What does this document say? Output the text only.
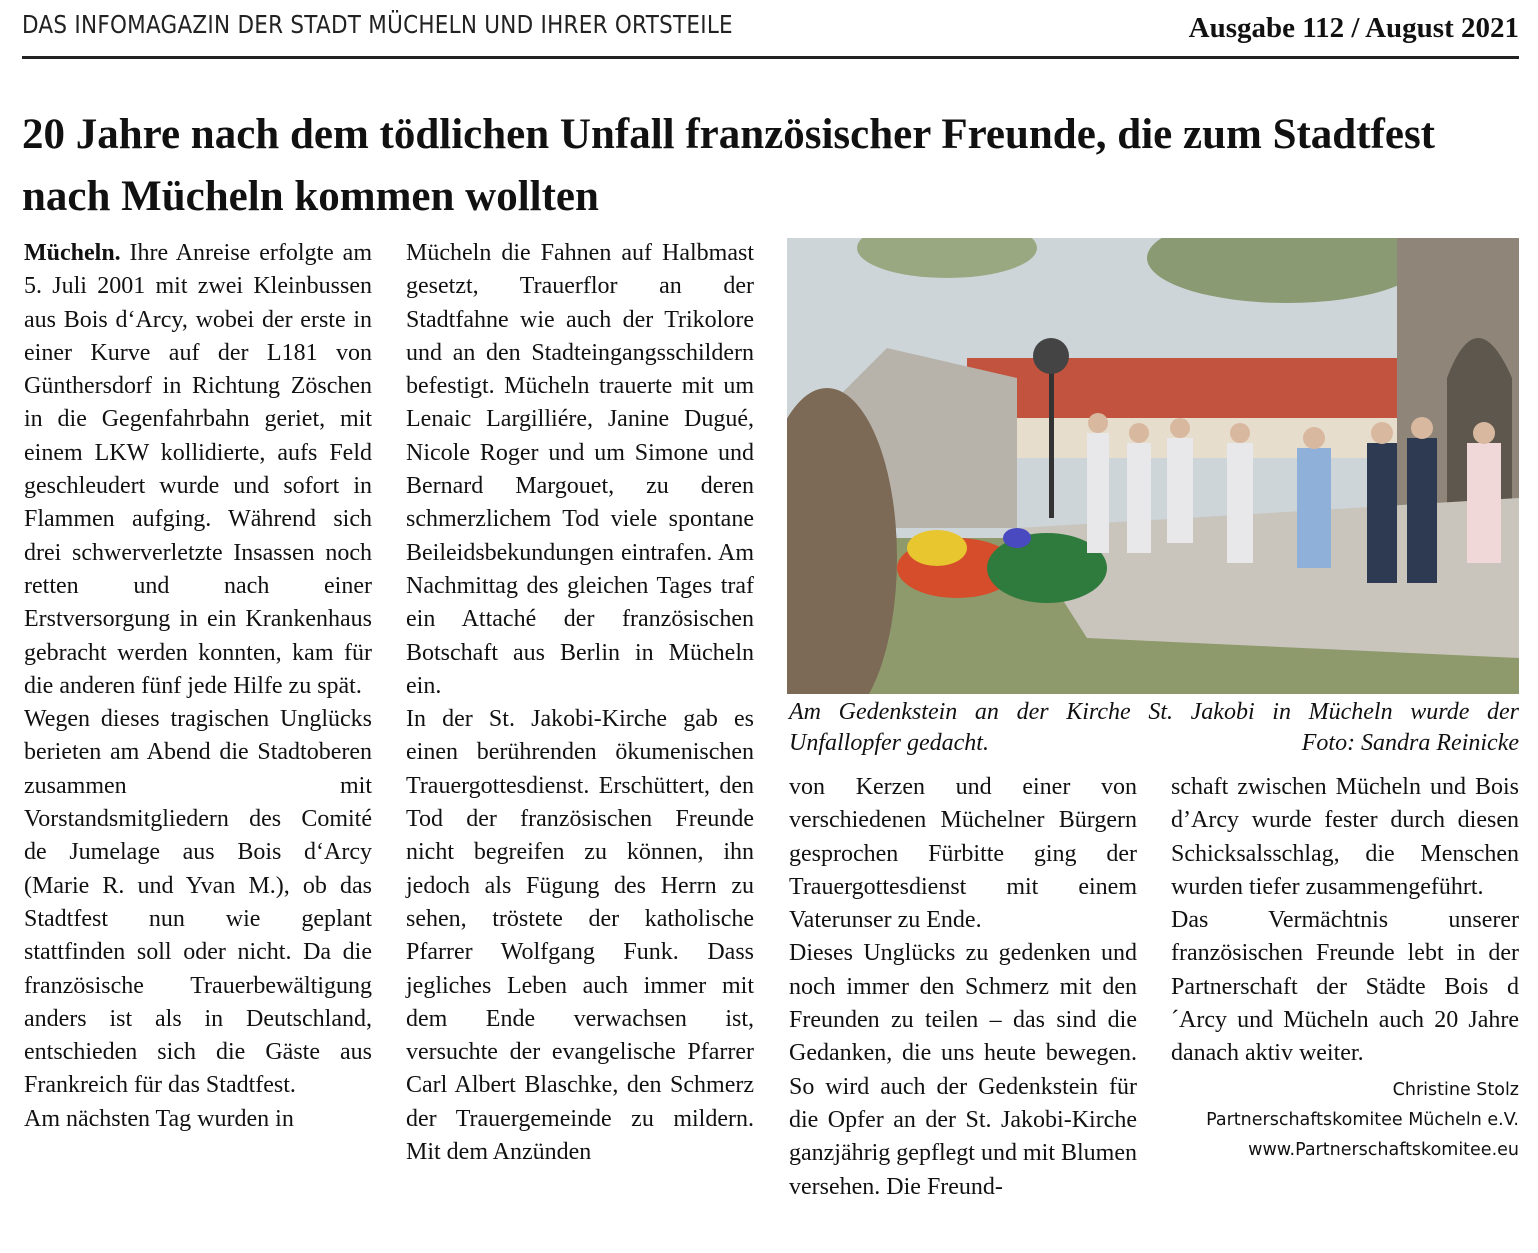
DAS INFOMAGAZIN DER STADT MÜCHELN UND IHRER ORTSTEILE	Ausgabe 112 / August 2021
20 Jahre nach dem tödlichen Unfall französischer Freunde, die zum Stadtfest nach Mücheln kommen wollten

Mücheln. Ihre Anreise erfolgte am 5. Juli 2001 mit zwei Kleinbussen aus Bois d‘Arcy, wobei der erste in einer Kurve auf der L181 von Günthersdorf in Richtung Zöschen in die Gegenfahrbahn geriet, mit einem LKW kollidierte, aufs Feld geschleudert wurde und sofort in Flammen aufging. Während sich drei schwerverletzte Insassen noch retten und nach einer Erstversorgung in ein Krankenhaus gebracht werden konnten, kam für die anderen fünf jede Hilfe zu spät.

Wegen dieses tragischen Unglücks berieten am Abend die Stadtoberen zusammen mit Vorstandsmitgliedern des Comité de Jumelage aus Bois d‘Arcy (Marie R. und Yvan M.), ob das Stadtfest nun wie geplant stattfinden soll oder nicht. Da die französische Trauerbewältigung anders ist als in Deutschland, entschieden sich die Gäste aus Frankreich für das Stadtfest.

Am nächsten Tag wurden in

Mücheln die Fahnen auf Halbmast gesetzt, Trauerflor an der Stadtfahne wie auch der Trikolore und an den Stadteingangsschildern befestigt. Mücheln trauerte mit um Lenaic Largilliére, Janine Dugué, Nicole Roger und um Simone und Bernard Margouet, zu deren schmerzlichem Tod viele spontane Beileidsbekundungen eintrafen. Am Nachmittag des gleichen Tages traf ein Attaché der französischen Botschaft aus Berlin in Mücheln ein.

In der St. Jakobi-Kirche gab es einen berührenden ökumenischen Trauergottesdienst. Erschüttert, den Tod der französischen Freunde nicht begreifen zu können, ihn jedoch als Fügung des Herrn zu sehen, tröstete der katholische Pfarrer Wolfgang Funk. Dass jegliches Leben auch immer mit dem Ende verwachsen ist, versuchte der evangelische Pfarrer Carl Albert Blaschke, den Schmerz der Trauergemeinde zu mildern. Mit dem Anzünden

Am Gedenkstein an der Kirche St. Jakobi in Mücheln wurde der
Unfallopfer gedacht.	Foto: Sandra Reinicke

von Kerzen und einer von verschiedenen Müchelner Bürgern gesprochen Fürbitte ging der Trauergottesdienst mit einem Vaterunser zu Ende.

Dieses Unglücks zu gedenken und noch immer den Schmerz mit den Freunden zu teilen – das sind die Gedanken, die uns heute bewegen. So wird auch der Gedenkstein für die Opfer an der St. Jakobi-Kirche ganzjährig gepflegt und mit Blumen versehen. Die Freund-

schaft zwischen Mücheln und Bois d’Arcy wurde fester durch diesen Schicksalsschlag, die Menschen wurden tiefer zusammengeführt.

Das Vermächtnis unserer französischen Freunde lebt in der Partnerschaft der Städte Bois d´Arcy und Mücheln auch 20 Jahre danach aktiv weiter.

Christine Stolz
Partnerschaftskomitee Mücheln e.V.
www.Partnerschaftskomitee.eu
